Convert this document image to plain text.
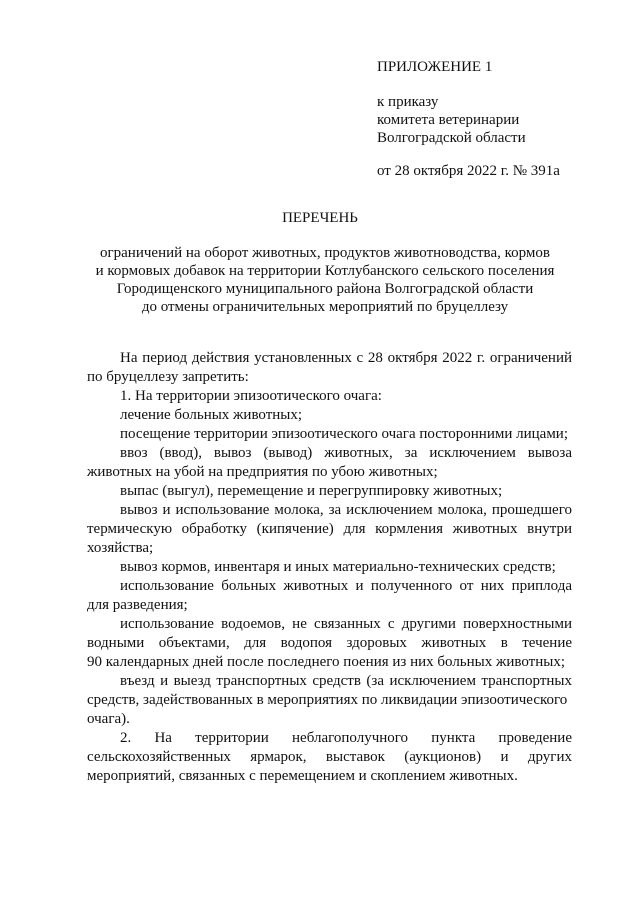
ПРИЛОЖЕНИЕ 1
к приказу
комитета ветеринарии
Волгоградской области
от 28 октября 2022 г. № 391а
ПЕРЕЧЕНЬ
ограничений на оборот животных, продуктов животноводства, кормов
и кормовых добавок на территории Котлубанского сельского поселения
Городищенского муниципального района Волгоградской области
до отмены ограничительных мероприятий по бруцеллезу
На период действия установленных с 28 октября 2022 г. ограничений
по бруцеллезу запретить:
1. На территории эпизоотического очага:
лечение больных животных;
посещение территории эпизоотического очага посторонними лицами;
ввоз (ввод), вывоз (вывод) животных, за исключением вывоза
животных на убой на предприятия по убою животных;
выпас (выгул), перемещение и перегруппировку животных;
вывоз и использование молока, за исключением молока, прошедшего
термическую обработку (кипячение) для кормления животных внутри
хозяйства;
вывоз кормов, инвентаря и иных материально-технических средств;
использование больных животных и полученного от них приплода
для разведения;
использование водоемов, не связанных с другими поверхностными
водными объектами, для водопоя здоровых животных в течение
90 календарных дней после последнего поения из них больных животных;
въезд и выезд транспортных средств (за исключением транспортных
средств, задействованных в мероприятиях по ликвидации эпизоотического
очага).
2. На территории неблагополучного пункта проведение
сельскохозяйственных ярмарок, выставок (аукционов) и других
мероприятий, связанных с перемещением и скоплением животных.
